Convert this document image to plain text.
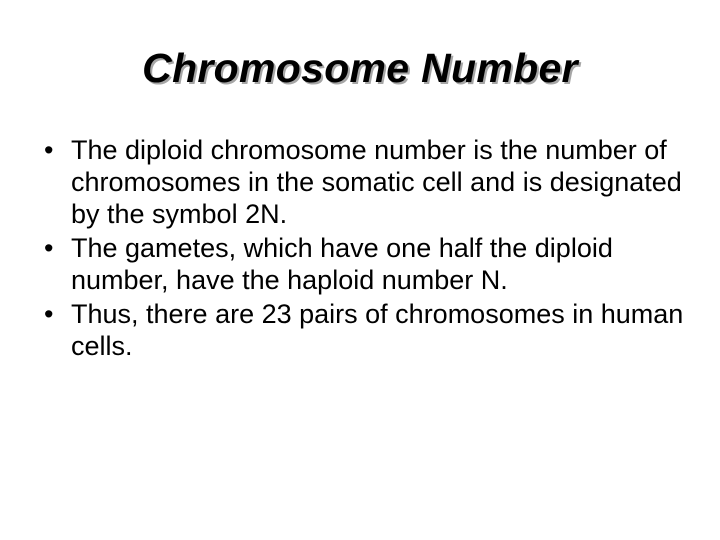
Chromosome Number
• The diploid chromosome number is the number of chromosomes in the somatic cell and is designated by the symbol 2N.
• The gametes, which have one half the diploid number, have the haploid number N.
• Thus, there are 23 pairs of chromosomes in human cells.
